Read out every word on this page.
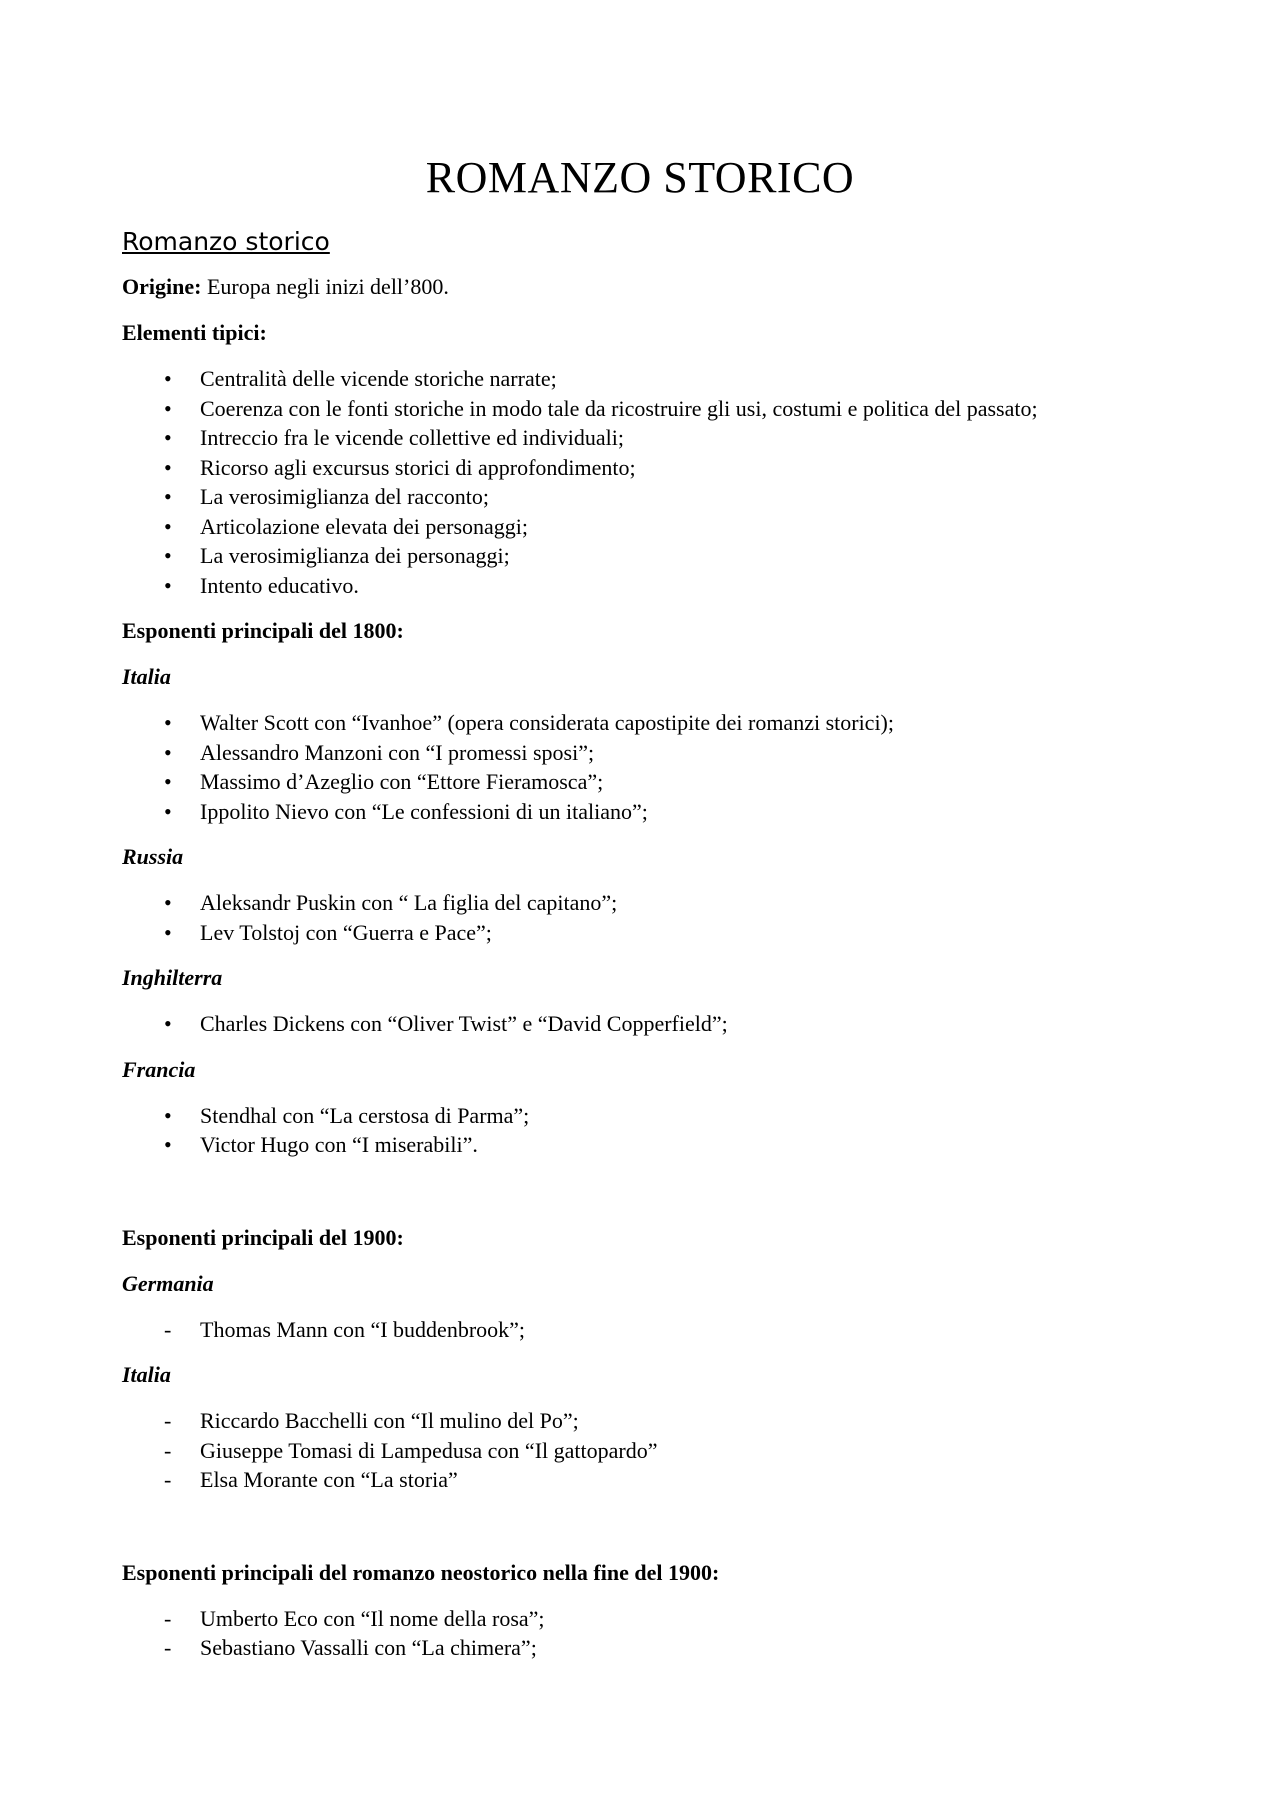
ROMANZO STORICO
Romanzo storico
Origine: Europa negli inizi dell’800.
Elementi tipici:
•	Centralità delle vicende storiche narrate;
•	Coerenza con le fonti storiche in modo tale da ricostruire gli usi, costumi e politica del passato;
•	Intreccio fra le vicende collettive ed individuali;
•	Ricorso agli excursus storici di approfondimento;
•	La verosimiglianza del racconto;
•	Articolazione elevata dei personaggi;
•	La verosimiglianza dei personaggi;
•	Intento educativo.
Esponenti principali del 1800:
Italia
•	Walter Scott con “Ivanhoe” (opera considerata capostipite dei romanzi storici);
•	Alessandro Manzoni con “I promessi sposi”;
•	Massimo d’Azeglio con “Ettore Fieramosca”;
•	Ippolito Nievo con “Le confessioni di un italiano”;
Russia
•	Aleksandr Puskin con “ La figlia del capitano”;
•	Lev Tolstoj con “Guerra e Pace”;
Inghilterra
•	Charles Dickens con “Oliver Twist” e “David Copperfield”;
Francia
•	Stendhal con “La cerstosa di Parma”;
•	Victor Hugo con “I miserabili”.
Esponenti principali del 1900:
Germania
-	Thomas Mann con “I buddenbrook”;
Italia
-	Riccardo Bacchelli con “Il mulino del Po”;
-	Giuseppe Tomasi di Lampedusa con “Il gattopardo”
-	Elsa Morante con “La storia”
Esponenti principali del romanzo neostorico nella fine del 1900:
-	Umberto Eco con “Il nome della rosa”;
-	Sebastiano Vassalli con “La chimera”;
